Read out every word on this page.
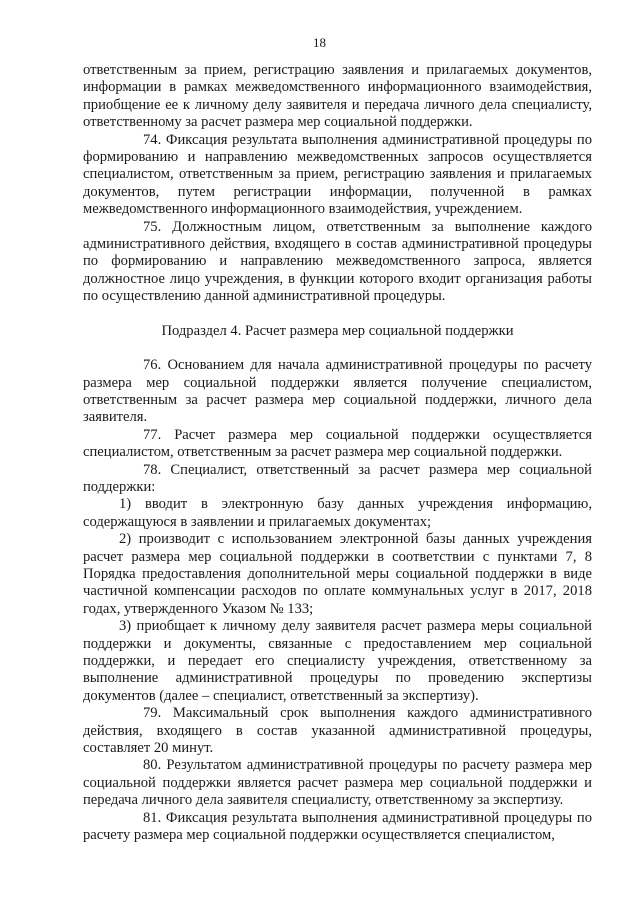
18

ответственным за прием, регистрацию заявления и прилагаемых документов, информации в рамках межведомственного информационного взаимодействия, приобщение ее к личному делу заявителя и передача личного дела специалисту, ответственному за расчет размера мер социальной поддержки.

74. Фиксация результата выполнения административной процедуры по формированию и направлению межведомственных запросов осуществляется специалистом, ответственным за прием, регистрацию заявления и прилагаемых документов, путем регистрации информации, полученной в рамках межведомственного информационного взаимодействия, учреждением.

75. Должностным лицом, ответственным за выполнение каждого административного действия, входящего в состав административной процедуры по формированию и направлению межведомственного запроса, является должностное лицо учреждения, в функции которого входит организация работы по осуществлению данной административной процедуры.

Подраздел 4. Расчет размера мер социальной поддержки

76. Основанием для начала административной процедуры по расчету размера мер социальной поддержки является получение специалистом, ответственным за расчет размера мер социальной поддержки, личного дела заявителя.

77. Расчет размера мер социальной поддержки осуществляется специалистом, ответственным за расчет размера мер социальной поддержки.

78. Специалист, ответственный за расчет размера мер социальной поддержки:

1) вводит в электронную базу данных учреждения информацию, содержащуюся в заявлении и прилагаемых документах;

2) производит с использованием электронной базы данных учреждения расчет размера мер социальной поддержки в соответствии с пунктами 7, 8 Порядка предоставления дополнительной меры социальной поддержки в виде частичной компенсации расходов по оплате коммунальных услуг в 2017, 2018 годах, утвержденного Указом № 133;

3) приобщает к личному делу заявителя расчет размера меры социальной поддержки и документы, связанные с предоставлением мер социальной поддержки, и передает его специалисту учреждения, ответственному за выполнение административной процедуры по проведению экспертизы документов (далее – специалист, ответственный за экспертизу).

79. Максимальный срок выполнения каждого административного действия, входящего в состав указанной административной процедуры, составляет 20 минут.

80. Результатом административной процедуры по расчету размера мер социальной поддержки является расчет размера мер социальной поддержки и передача личного дела заявителя специалисту, ответственному за экспертизу.

81. Фиксация результата выполнения административной процедуры по расчету размера мер социальной поддержки осуществляется специалистом,
